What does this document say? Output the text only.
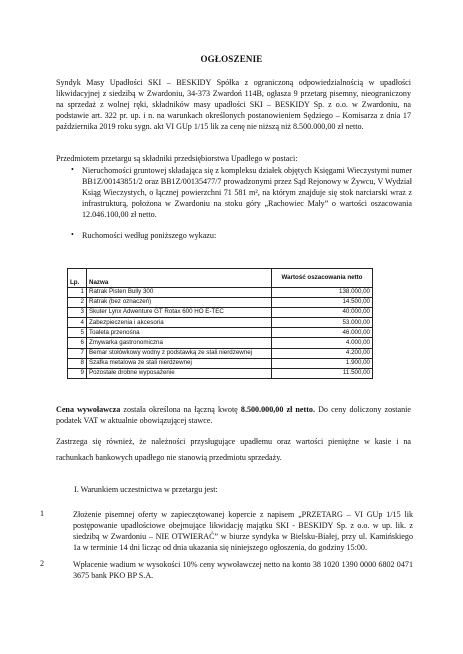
OGŁOSZENIE

Syndyk Masy Upadłości SKI – BESKIDY Spółka z ograniczoną odpowiedzialnością w upadłości likwidacyjnej z siedzibą w Zwardoniu, 34-373 Zwardoń 114B, ogłasza 9 przetarg pisemny, nieograniczony na sprzedaż z wolnej ręki, składników masy upadłości SKI – BESKIDY Sp. z o.o. w Zwardoniu, na podstawie art. 322 pr. up. i n. na warunkach określonych postanowieniem Sędziego – Komisarza z dnia 17 października 2019 roku sygn. akt VI GUp 1/15 lik za cenę nie niższą niż 8.500.000,00 zł netto.

Przedmiotem przetargu są składniki przedsiębiorstwa Upadłego w postaci:

• Nieruchomości gruntowej składająca się z kompleksu działek objętych Księgami Wieczystymi numer BB1Z/00143851/2 oraz BB1Z/00135477/7 prowadzonymi przez Sąd Rejonowy w Żywcu, V Wydział Ksiąg Wieczystych, o łącznej powierzchni 71 581 m², na którym znajduje się stok narciarski wraz z infrastrukturą, położona w Zwardoniu na stoku góry „Rachowiec Mały” o wartości oszacowania 12.046.100,00 zł netto.

• Ruchomości według poniższego wykazu:

Lp.	Nazwa	Wartość oszacowania netto
1	Ratrak Pisten Bully 300	138.000,00
2	Ratrak (bez oznaczeń)	14.500,00
3	Skuter Lynx Adwenture GT Rotax 600 HO E-TEC	40.000,00
4	Zabezpieczenia i akcesoria	53.000,00
5	Toaleta przenośna	46.000,00
6	Zmywarka gastronomiczna	4.000,00
7	Bemar stołówkowy wodny z podstawką ze stali nierdzewnej	4.200,00
8	Szafka metalowa ze stali nierdzewnej	1.900,00
9	Pozostałe drobne wyposażenie	11.500,00

Cena wywoławcza została określona na łączną kwotę 8.500.000,00 zł netto. Do ceny doliczony zostanie podatek VAT w aktualnie obowiązującej stawce.

Zastrzega się również, że należności przysługujące upadłemu oraz wartości pieniężne w kasie i na rachunkach bankowych upadłego nie stanowią przedmiotu sprzedaży.

I. Warunkiem uczestnictwa w przetargu jest:

1	Złożenie pisemnej oferty w zapieczętowanej kopercie z napisem „PRZETARG – VI GUp 1/15 lik postępowanie upadłościowe obejmujące likwidację majątku SKI - BESKIDY Sp. z o.o. w up. lik. z siedzibą w Zwardoniu – NIE OTWIERAĆ” w biurze syndyka w Bielsku-Białej, przy ul. Kamińskiego 1a w terminie 14 dni licząc od dnia ukazania się niniejszego ogłoszenia, do godziny 15:00.

2	Wpłacenie wadium w wysokości 10% ceny wywoławczej netto na konto 38 1020 1390 0000 6802 0471 3675 bank PKO BP S.A.
